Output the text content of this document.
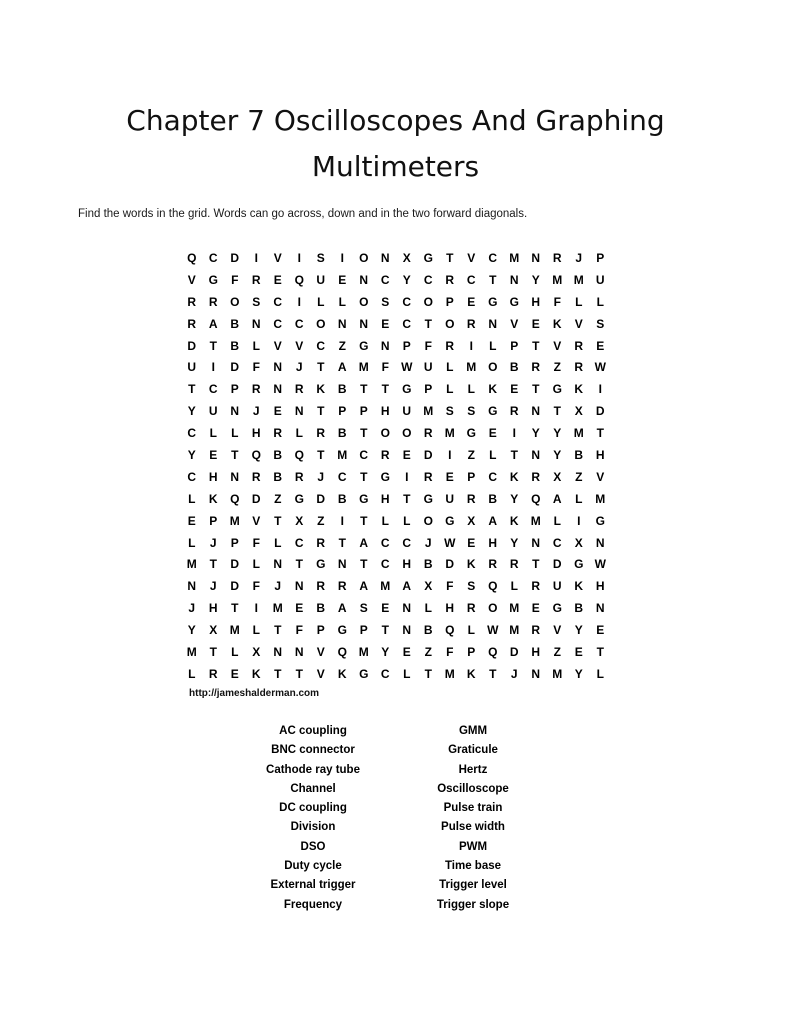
Chapter 7 Oscilloscopes And Graphing
Multimeters

Find the words in the grid. Words can go across, down and in the two forward diagonals.

Q	C	D	I	V	I	S	I	O	N	X	G	T	V	C	M	N	R	J	P
V	G	F	R	E	Q	U	E	N	C	Y	C	R	C	T	N	Y	M M	U
R	R	O	S	C	I	L	L	O	S	C	O	P	E	G	G	H	F	L	L
R	A	B	N	C	C	O	N	N	E	C	T	O	R	N	V	E	K	V	S
D	T	B	L	V	V	C	Z	G	N	P	F	R	I	L	P	T	V	R	E
U	I	D	F	N	J	T	A	M	F	W U	L	M O	B	R	Z	R W
T	C	P	R	N	R	K	B	T	T	G	P	L	L	K	E	T	G	K	I
Y	U	N	J	E	N	T	P	P	H	U	M	S	S	G	R	N	T	X	D
C	L	L	H	R	L	R	B	T	O	O	R	M G	E	I	Y	Y	M	T
Y	E	T	Q	B	Q	T	M	C	R	E	D	I	Z	L	T	N	Y	B	H
C	H	N	R	B	R	J	C	T	G	I	R	E	P	C	K	R	X	Z	V
L	K	Q	D	Z	G	D	B	G	H	T	G	U	R	B	Y	Q	A	L	M
E	P	M	V	T	X	Z	I	T	L	L	O	G	X	A	K	M	L	I	G
L	J	P	F	L	C	R	T	A	C	C	J	W E	H	Y	N	C	X	N
M	T	D	L	N	T	G	N	T	C	H	B	D	K	R	R	T	D	G W
N	J	D	F	J	N	R	R	A	M	A	X	F	S	Q	L	R	U	K	H
J	H	T	I	M	E	B	A	S	E	N	L	H	R	O M	E	G	B	N
Y	X	M	L	T	F	P	G	P	T	N	B	Q	L	W M	R	V	Y	E
M	T	L	X	N	N	V	Q M	Y	E	Z	F	P	Q	D	H	Z	E	T
L	R	E	K	T	T	V	K	G	C	L	T	M	K	T	J	N	M	Y	L
http://jameshalderman.com
AC coupling
BNC connector
Cathode ray tube
Channel
DC coupling
Division
DSO
Duty cycle
External trigger
Frequency
GMM
Graticule
Hertz
Oscilloscope
Pulse train
Pulse width
PWM
Time base
Trigger level
Trigger slope
